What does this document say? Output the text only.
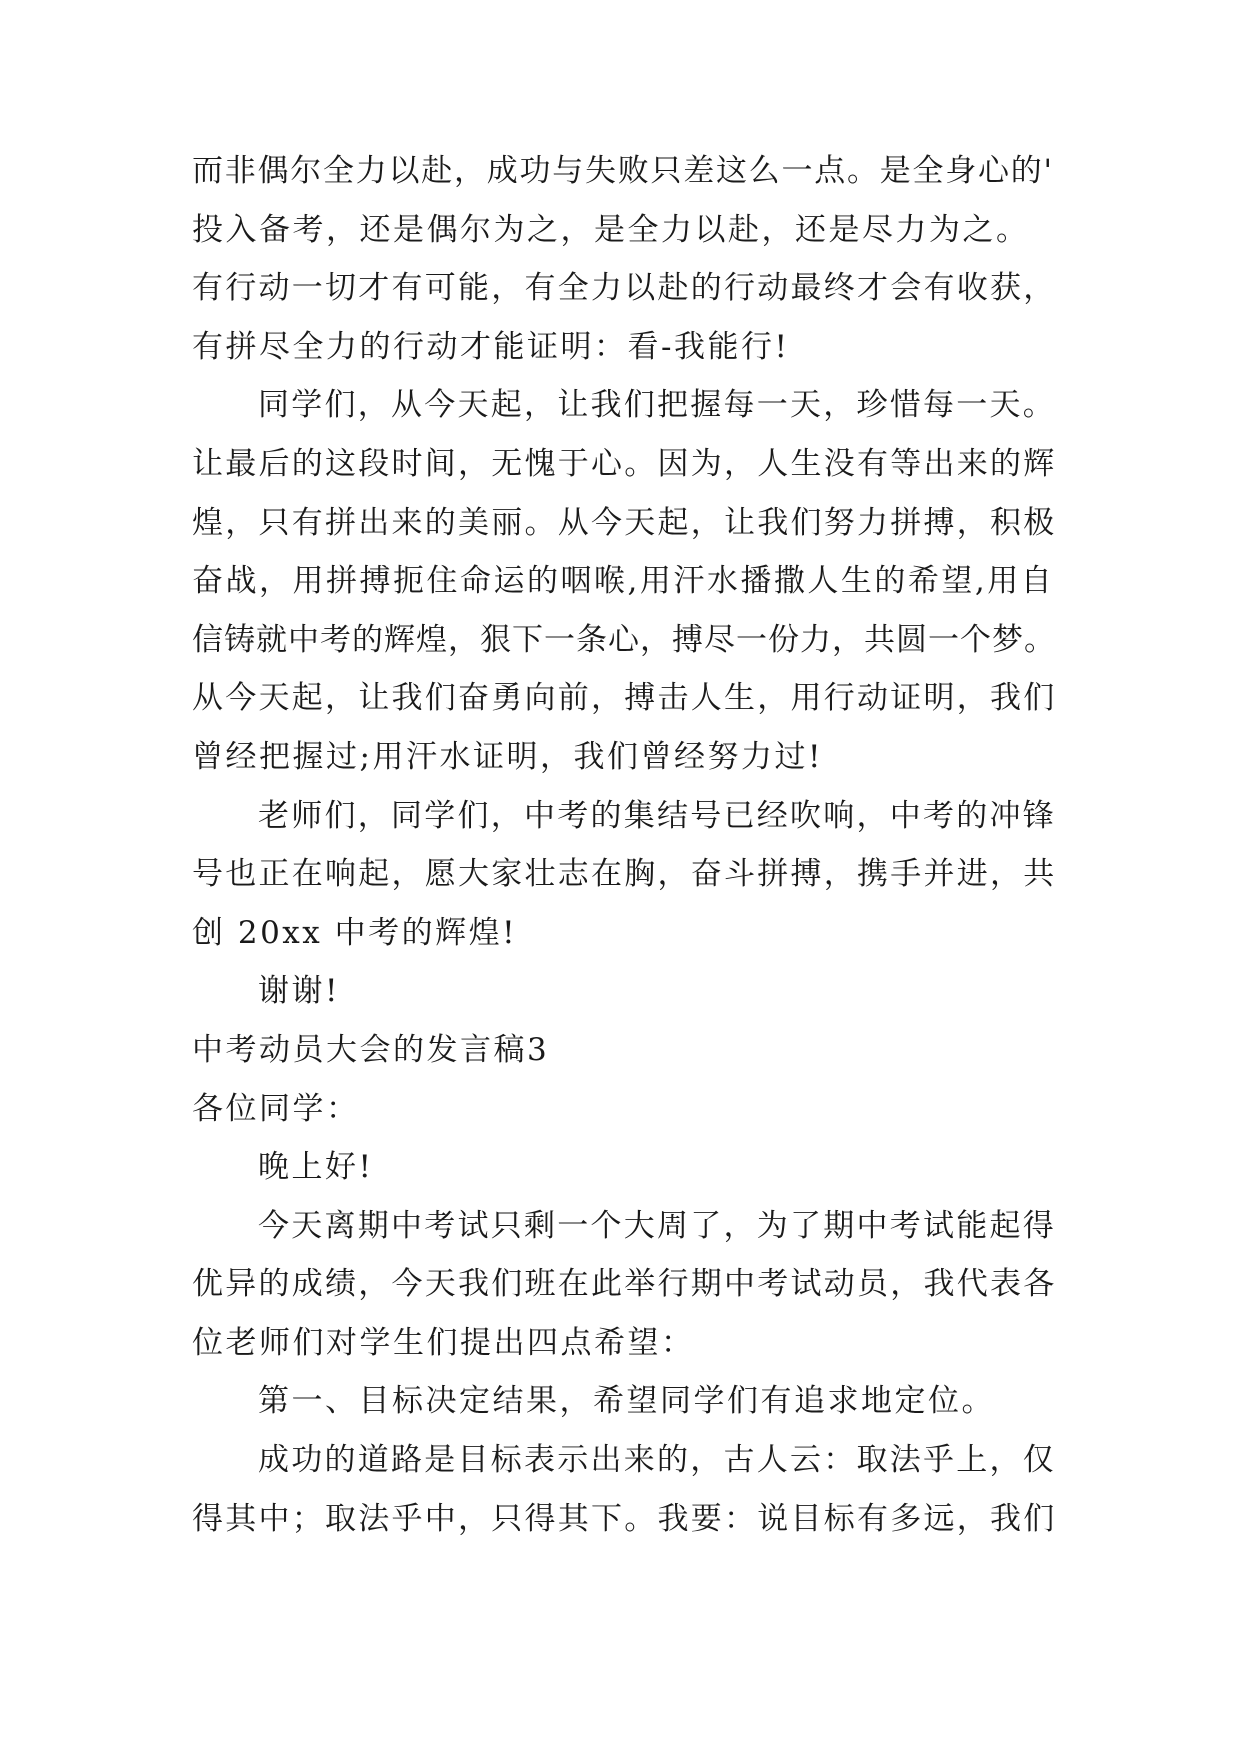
而非偶尔全力以赴，成功与失败只差这么一点。是全身心的'
投入备考，还是偶尔为之，是全力以赴，还是尽力为之。
有行动一切才有可能，有全力以赴的行动最终才会有收获，
有拼尽全力的行动才能证明：看-我能行!
同学们，从今天起，让我们把握每一天，珍惜每一天。
让最后的这段时间，无愧于心。因为，人生没有等出来的辉
煌，只有拼出来的美丽。从今天起，让我们努力拼搏，积极
奋战，用拼搏扼住命运的咽喉,用汗水播撒人生的希望,用自
信铸就中考的辉煌，狠下一条心，搏尽一份力，共圆一个梦。
从今天起，让我们奋勇向前，搏击人生，用行动证明，我们
曾经把握过;用汗水证明，我们曾经努力过!
老师们，同学们，中考的集结号已经吹响，中考的冲锋
号也正在响起，愿大家壮志在胸，奋斗拼搏，携手并进，共
创 20xx 中考的辉煌!
谢谢!
中考动员大会的发言稿3
各位同学：
晚上好!
今天离期中考试只剩一个大周了，为了期中考试能起得
优异的成绩，今天我们班在此举行期中考试动员，我代表各
位老师们对学生们提出四点希望：
第一、目标决定结果，希望同学们有追求地定位。
成功的道路是目标表示出来的，古人云：取法乎上，仅
得其中；取法乎中，只得其下。我要：说目标有多远，我们
